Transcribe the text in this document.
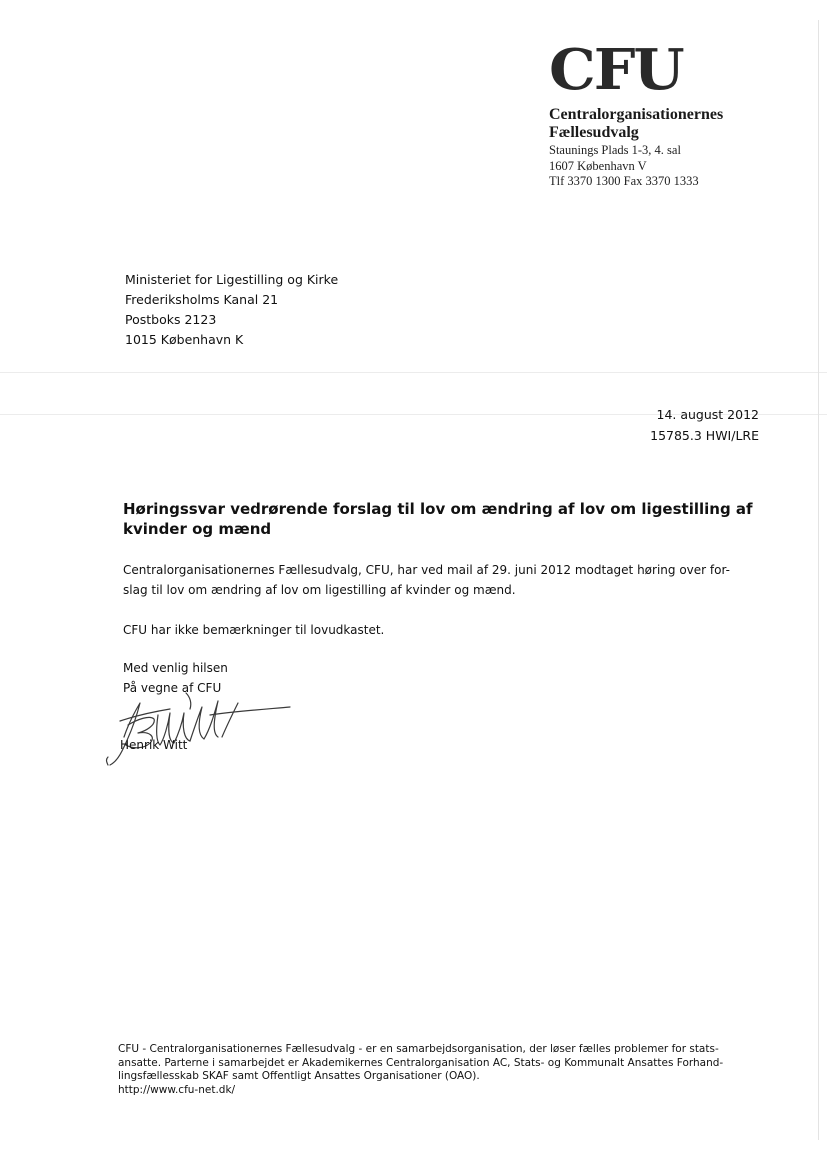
CFU
Centralorganisationernes
Fællesudvalg
Staunings Plads 1-3, 4. sal
1607 København V
Tlf 3370 1300 Fax 3370 1333
Ministeriet for Ligestilling og Kirke
Frederiksholms Kanal 21
Postboks 2123
1015 København K
14. august 2012
15785.3 HWI/LRE
Høringssvar vedrørende forslag til lov om ændring af lov om ligestilling af kvinder og mænd

Centralorganisationernes Fællesudvalg, CFU, har ved mail af 29. juni 2012 modtaget høring over for-

slag til lov om ændring af lov om ligestilling af kvinder og mænd.

CFU har ikke bemærkninger til lovudkastet.

Med venlig hilsen
På vegne af CFU
Henrik Witt
CFU - Centralorganisationernes Fællesudvalg - er en samarbejdsorganisation, der løser fælles problemer for stats-
ansatte. Parterne i samarbejdet er Akademikernes Centralorganisation AC, Stats- og Kommunalt Ansattes Forhand-
lingsfællesskab SKAF samt Offentligt Ansattes Organisationer (OAO).
http://www.cfu-net.dk/
